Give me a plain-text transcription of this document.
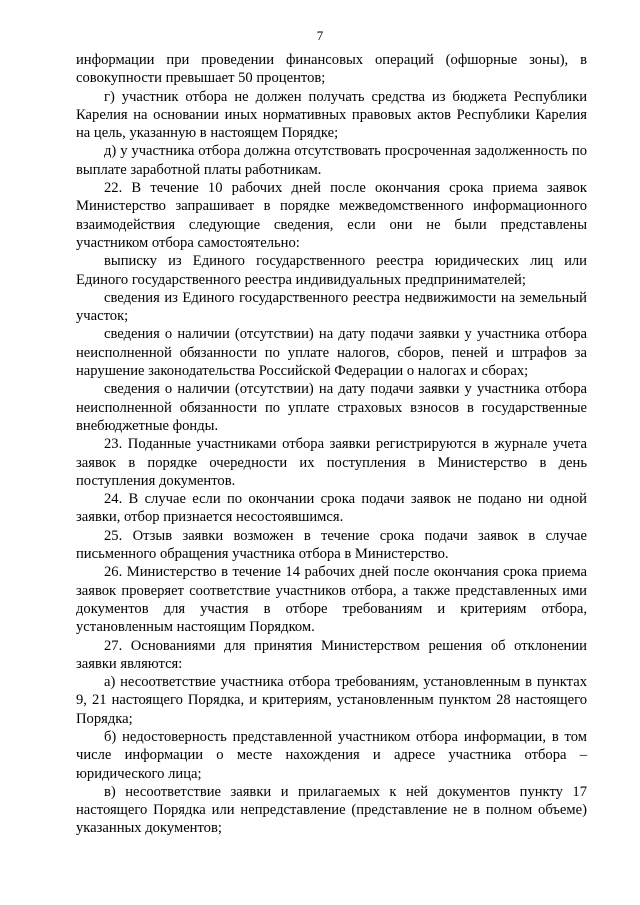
7

информации при проведении финансовых операций (офшорные зоны), в совокупности превышает 50 процентов;

г) участник отбора не должен получать средства из бюджета Республики Карелия на основании иных нормативных правовых актов Республики Карелия на цель, указанную в настоящем Порядке;

д) у участника отбора должна отсутствовать просроченная задолженность по выплате заработной платы работникам.

22. В течение 10 рабочих дней после окончания срока приема заявок Министерство запрашивает в порядке межведомственного информационного взаимодействия следующие сведения, если они не были представлены участником отбора самостоятельно:

выписку из Единого государственного реестра юридических лиц или Единого государственного реестра индивидуальных предпринимателей;

сведения из Единого государственного реестра недвижимости на земельный участок;

сведения о наличии (отсутствии) на дату подачи заявки у участника отбора неисполненной обязанности по уплате налогов, сборов, пеней и штрафов за нарушение законодательства Российской Федерации о налогах и сборах;

сведения о наличии (отсутствии) на дату подачи заявки у участника отбора неисполненной обязанности по уплате страховых взносов в государственные внебюджетные фонды.

23. Поданные участниками отбора заявки регистрируются в журнале учета заявок в порядке очередности их поступления в Министерство в день поступления документов.

24. В случае если по окончании срока подачи заявок не подано ни одной заявки, отбор признается несостоявшимся.

25. Отзыв заявки возможен в течение срока подачи заявок в случае письменного обращения участника отбора в Министерство.

26. Министерство в течение 14 рабочих дней после окончания срока приема заявок проверяет соответствие участников отбора, а также представленных ими документов для участия в отборе требованиям и критериям отбора, установленным настоящим Порядком.

27. Основаниями для принятия Министерством решения об отклонении заявки являются:

а) несоответствие участника отбора требованиям, установленным в пунктах 9, 21 настоящего Порядка, и критериям, установленным пунктом 28 настоящего Порядка;

б) недостоверность представленной участником отбора информации, в том числе информации о месте нахождения и адресе участника отбора – юридического лица;

в) несоответствие заявки и прилагаемых к ней документов пункту 17 настоящего Порядка или непредставление (представление не в полном объеме) указанных документов;
